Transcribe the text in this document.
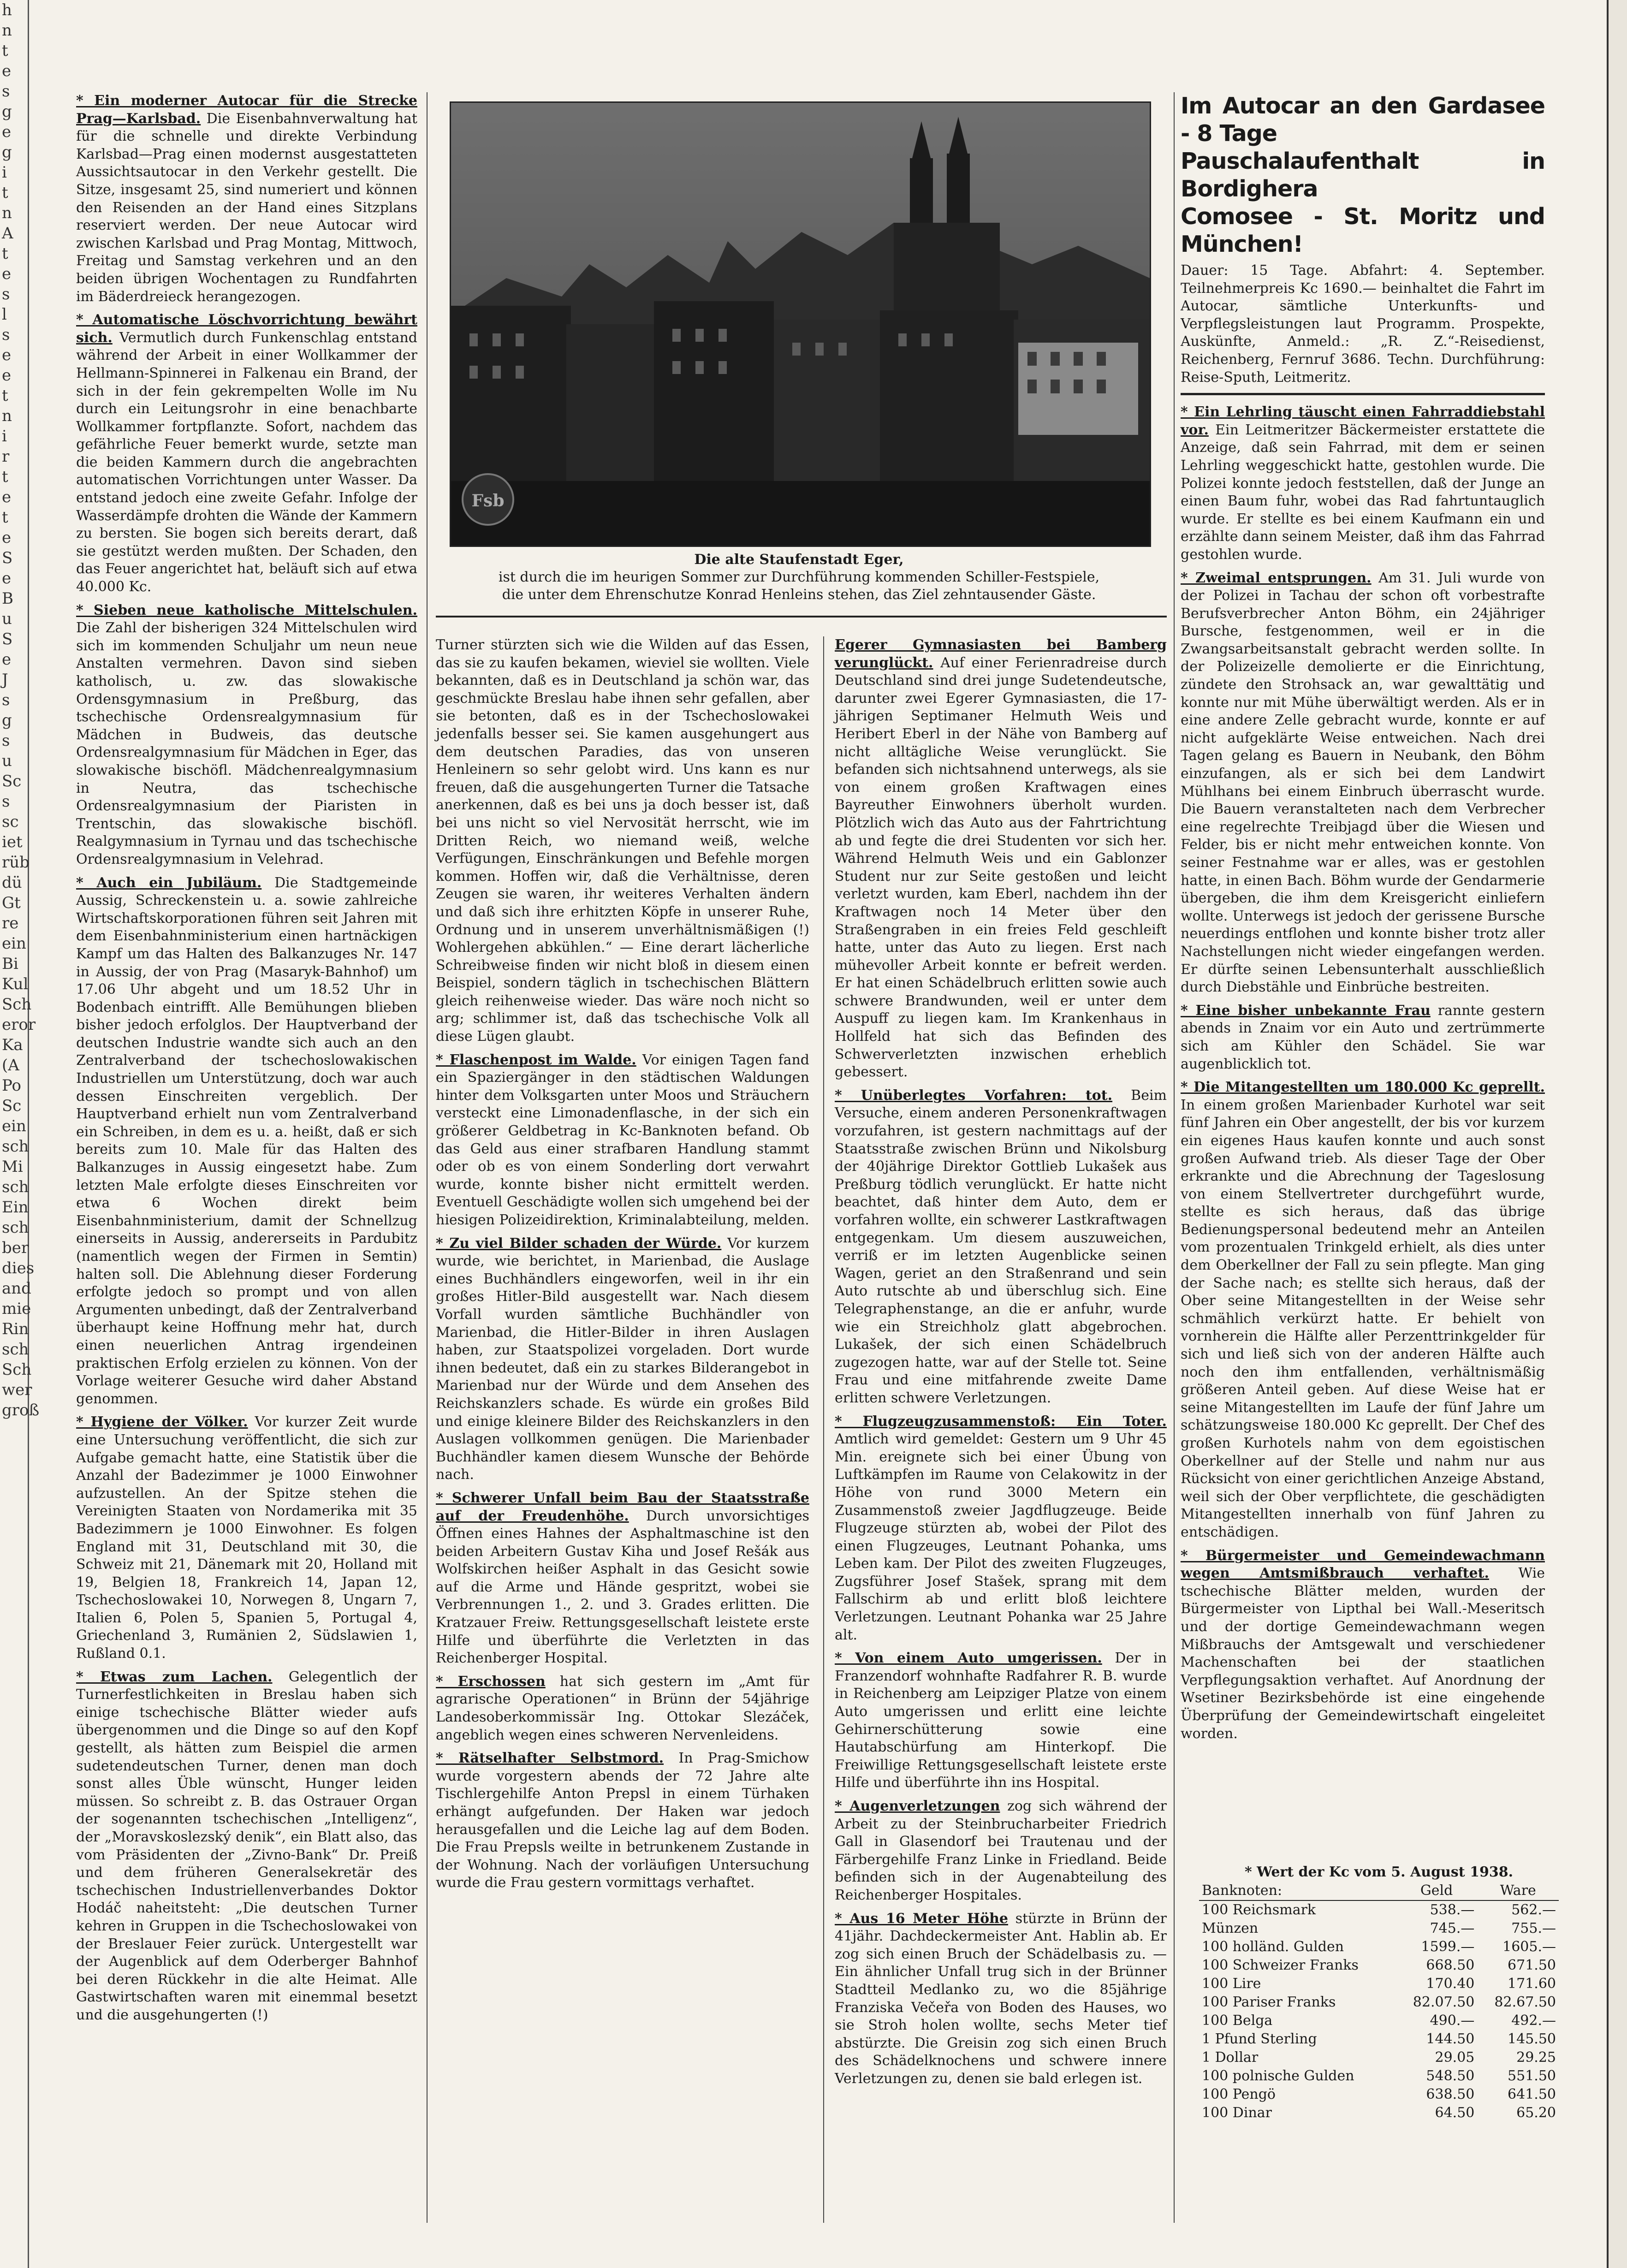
h
n
t
e
s
g
e
g
i
t
n
A
t
e
s
l
s
e
e
t
n
i
r
t
e
t
e
S
e
B
u
S
e
J
s
g
s
u
Sc
s
sc
iet
rüb
dü
Gt
re
ein
Bi
Kul
Sch
eror
Ka
(A
Po
Sc
ein
sch
Mi
sch
Ein
sch
ber
dies
and
mie
Rin
sch
Sch
wer
groß

* Ein moderner Autocar für die Strecke Prag—Karlsbad. Die Eisenbahnverwaltung hat für die schnelle und direkte Verbindung Karlsbad—Prag einen modernst ausgestatteten Aussichtsautocar in den Verkehr gestellt. Die Sitze, insgesamt 25, sind numeriert und können den Reisenden an der Hand eines Sitzplans reserviert werden. Der neue Autocar wird zwischen Karlsbad und Prag Montag, Mittwoch, Freitag und Samstag verkehren und an den beiden übrigen Wochentagen zu Rundfahrten im Bäderdreieck herangezogen.

* Automatische Löschvorrichtung bewährt sich. Vermutlich durch Funkenschlag entstand während der Arbeit in einer Wollkammer der Hellmann-Spinnerei in Falkenau ein Brand, der sich in der fein gekrempelten Wolle im Nu durch ein Leitungsrohr in eine benachbarte Wollkammer fortpflanzte. Sofort, nachdem das gefährliche Feuer bemerkt wurde, setzte man die beiden Kammern durch die angebrachten automatischen Vorrichtungen unter Wasser. Da entstand jedoch eine zweite Gefahr. Infolge der Wasserdämpfe drohten die Wände der Kammern zu bersten. Sie bogen sich bereits derart, daß sie gestützt werden mußten. Der Schaden, den das Feuer angerichtet hat, beläuft sich auf etwa 40.000 Kc.

* Sieben neue katholische Mittelschulen. Die Zahl der bisherigen 324 Mittelschulen wird sich im kommenden Schuljahr um neun neue Anstalten vermehren. Davon sind sieben katholisch, u. zw. das slowakische Ordensgymnasium in Preßburg, das tschechische Ordensrealgymnasium für Mädchen in Budweis, das deutsche Ordensrealgymnasium für Mädchen in Eger, das slowakische bischöfl. Mädchenrealgymnasium in Neutra, das tschechische Ordensrealgymnasium der Piaristen in Trentschin, das slowakische bischöfl. Realgymnasium in Tyrnau und das tschechische Ordensrealgymnasium in Velehrad.

* Auch ein Jubiläum. Die Stadtgemeinde Aussig, Schreckenstein u. a. sowie zahlreiche Wirtschaftskorporationen führen seit Jahren mit dem Eisenbahnministerium einen hartnäckigen Kampf um das Halten des Balkanzuges Nr. 147 in Aussig, der von Prag (Masaryk-Bahnhof) um 17.06 Uhr abgeht und um 18.52 Uhr in Bodenbach eintrifft. Alle Bemühungen blieben bisher jedoch erfolglos. Der Hauptverband der deutschen Industrie wandte sich auch an den Zentralverband der tschechoslowakischen Industriellen um Unterstützung, doch war auch dessen Einschreiten vergeblich. Der Hauptverband erhielt nun vom Zentralverband ein Schreiben, in dem es u. a. heißt, daß er sich bereits zum 10. Male für das Halten des Balkanzuges in Aussig eingesetzt habe. Zum letzten Male erfolgte dieses Einschreiten vor etwa 6 Wochen direkt beim Eisenbahnministerium, damit der Schnellzug einerseits in Aussig, andererseits in Pardubitz (namentlich wegen der Firmen in Semtin) halten soll. Die Ablehnung dieser Forderung erfolgte jedoch so prompt und von allen Argumenten unbedingt, daß der Zentralverband überhaupt keine Hoffnung mehr hat, durch einen neuerlichen Antrag irgendeinen praktischen Erfolg erzielen zu können. Von der Vorlage weiterer Gesuche wird daher Abstand genommen.

* Hygiene der Völker. Vor kurzer Zeit wurde eine Untersuchung veröffentlicht, die sich zur Aufgabe gemacht hatte, eine Statistik über die Anzahl der Badezimmer je 1000 Einwohner aufzustellen. An der Spitze stehen die Vereinigten Staaten von Nordamerika mit 35 Badezimmern je 1000 Einwohner. Es folgen England mit 31, Deutschland mit 30, die Schweiz mit 21, Dänemark mit 20, Holland mit 19, Belgien 18, Frankreich 14, Japan 12, Tschechoslowakei 10, Norwegen 8, Ungarn 7, Italien 6, Polen 5, Spanien 5, Portugal 4, Griechenland 3, Rumänien 2, Südslawien 1, Rußland 0.1.

* Etwas zum Lachen. Gelegentlich der Turnerfestlichkeiten in Breslau haben sich einige tschechische Blätter wieder aufs übergenommen und die Dinge so auf den Kopf gestellt, als hätten zum Beispiel die armen sudetendeutschen Turner, denen man doch sonst alles Üble wünscht, Hunger leiden müssen. So schreibt z. B. das Ostrauer Organ der sogenannten tschechischen „Intelligenz“, der „Moravskoslezský denik“, ein Blatt also, das vom Präsidenten der „Zivno-Bank“ Dr. Preiß und dem früheren Generalsekretär des tschechischen Industriellenverbandes Doktor Hodáč naheitsteht: „Die deutschen Turner kehren in Gruppen in die Tschechoslowakei von der Breslauer Feier zurück. Untergestellt war der Augenblick auf dem Oderberger Bahnhof bei deren Rückkehr in die alte Heimat. Alle Gastwirtschaften waren mit einemmal besetzt und die ausgehungerten (!)

Fsb
Die alte Staufenstadt Eger,
ist durch die im heurigen Sommer zur Durchführung kommenden Schiller-Festspiele,
die unter dem Ehrenschutze Konrad Henleins stehen, das Ziel zehntausender Gäste.

Turner stürzten sich wie die Wilden auf das Essen, das sie zu kaufen bekamen, wieviel sie wollten. Viele bekannten, daß es in Deutschland ja schön war, das geschmückte Breslau habe ihnen sehr gefallen, aber sie betonten, daß es in der Tschechoslowakei jedenfalls besser sei. Sie kamen ausgehungert aus dem deutschen Paradies, das von unseren Henleinern so sehr gelobt wird. Uns kann es nur freuen, daß die ausgehungerten Turner die Tatsache anerkennen, daß es bei uns ja doch besser ist, daß bei uns nicht so viel Nervosität herrscht, wie im Dritten Reich, wo niemand weiß, welche Verfügungen, Einschränkungen und Befehle morgen kommen. Hoffen wir, daß die Verhältnisse, deren Zeugen sie waren, ihr weiteres Verhalten ändern und daß sich ihre erhitzten Köpfe in unserer Ruhe, Ordnung und in unserem unverhältnismäßigen (!) Wohlergehen abkühlen.“ — Eine derart lächerliche Schreibweise finden wir nicht bloß in diesem einen Beispiel, sondern täglich in tschechischen Blättern gleich reihenweise wieder. Das wäre noch nicht so arg; schlimmer ist, daß das tschechische Volk all diese Lügen glaubt.

* Flaschenpost im Walde. Vor einigen Tagen fand ein Spaziergänger in den städtischen Waldungen hinter dem Volksgarten unter Moos und Sträuchern versteckt eine Limonadenflasche, in der sich ein größerer Geldbetrag in Kc-Banknoten befand. Ob das Geld aus einer strafbaren Handlung stammt oder ob es von einem Sonderling dort verwahrt wurde, konnte bisher nicht ermittelt werden. Eventuell Geschädigte wollen sich umgehend bei der hiesigen Polizeidirektion, Kriminalabteilung, melden.

* Zu viel Bilder schaden der Würde. Vor kurzem wurde, wie berichtet, in Marienbad, die Auslage eines Buchhändlers eingeworfen, weil in ihr ein großes Hitler-Bild ausgestellt war. Nach diesem Vorfall wurden sämtliche Buchhändler von Marienbad, die Hitler-Bilder in ihren Auslagen haben, zur Staatspolizei vorgeladen. Dort wurde ihnen bedeutet, daß ein zu starkes Bilderangebot in Marienbad nur der Würde und dem Ansehen des Reichskanzlers schade. Es würde ein großes Bild und einige kleinere Bilder des Reichskanzlers in den Auslagen vollkommen genügen. Die Marienbader Buchhändler kamen diesem Wunsche der Behörde nach.

* Schwerer Unfall beim Bau der Staatsstraße auf der Freudenhöhe. Durch unvorsichtiges Öffnen eines Hahnes der Asphaltmaschine ist den beiden Arbeitern Gustav Kiha und Josef Rešák aus Wolfskirchen heißer Asphalt in das Gesicht sowie auf die Arme und Hände gespritzt, wobei sie Verbrennungen 1., 2. und 3. Grades erlitten. Die Kratzauer Freiw. Rettungsgesellschaft leistete erste Hilfe und überführte die Verletzten in das Reichenberger Hospital.

* Erschossen hat sich gestern im „Amt für agrarische Operationen“ in Brünn der 54jährige Landesoberkommissär Ing. Ottokar Slezáček, angeblich wegen eines schweren Nervenleidens.

* Rätselhafter Selbstmord. In Prag-Smichow wurde vorgestern abends der 72 Jahre alte Tischlergehilfe Anton Prepsl in einem Türhaken erhängt aufgefunden. Der Haken war jedoch herausgefallen und die Leiche lag auf dem Boden. Die Frau Prepsls weilte in betrunkenem Zustande in der Wohnung. Nach der vorläufigen Untersuchung wurde die Frau gestern vormittags verhaftet.

Egerer Gymnasiasten bei Bamberg verunglückt. Auf einer Ferienradreise durch Deutschland sind drei junge Sudetendeutsche, darunter zwei Egerer Gymnasiasten, die 17-jährigen Septimaner Helmuth Weis und Heribert Eberl in der Nähe von Bamberg auf nicht alltägliche Weise verunglückt. Sie befanden sich nichtsahnend unterwegs, als sie von einem großen Kraftwagen eines Bayreuther Einwohners überholt wurden. Plötzlich wich das Auto aus der Fahrtrichtung ab und fegte die drei Studenten vor sich her. Während Helmuth Weis und ein Gablonzer Student nur zur Seite gestoßen und leicht verletzt wurden, kam Eberl, nachdem ihn der Kraftwagen noch 14 Meter über den Straßengraben in ein freies Feld geschleift hatte, unter das Auto zu liegen. Erst nach mühevoller Arbeit konnte er befreit werden. Er hat einen Schädelbruch erlitten sowie auch schwere Brandwunden, weil er unter dem Auspuff zu liegen kam. Im Krankenhaus in Hollfeld hat sich das Befinden des Schwerverletzten inzwischen erheblich gebessert.

* Unüberlegtes Vorfahren: tot. Beim Versuche, einem anderen Personenkraftwagen vorzufahren, ist gestern nachmittags auf der Staatsstraße zwischen Brünn und Nikolsburg der 40jährige Direktor Gottlieb Lukašek aus Preßburg tödlich verunglückt. Er hatte nicht beachtet, daß hinter dem Auto, dem er vorfahren wollte, ein schwerer Lastkraftwagen entgegenkam. Um diesem auszuweichen, verriß er im letzten Augenblicke seinen Wagen, geriet an den Straßenrand und sein Auto rutschte ab und überschlug sich. Eine Telegraphenstange, an die er anfuhr, wurde wie ein Streichholz glatt abgebrochen. Lukašek, der sich einen Schädelbruch zugezogen hatte, war auf der Stelle tot. Seine Frau und eine mitfahrende zweite Dame erlitten schwere Verletzungen.

* Flugzeugzusammenstoß: Ein Toter. Amtlich wird gemeldet: Gestern um 9 Uhr 45 Min. ereignete sich bei einer Übung von Luftkämpfen im Raume von Celakowitz in der Höhe von rund 3000 Metern ein Zusammenstoß zweier Jagdflugzeuge. Beide Flugzeuge stürzten ab, wobei der Pilot des einen Flugzeuges, Leutnant Pohanka, ums Leben kam. Der Pilot des zweiten Flugzeuges, Zugsführer Josef Stašek, sprang mit dem Fallschirm ab und erlitt bloß leichtere Verletzungen. Leutnant Pohanka war 25 Jahre alt.

* Von einem Auto umgerissen. Der in Franzendorf wohnhafte Radfahrer R. B. wurde in Reichenberg am Leipziger Platze von einem Auto umgerissen und erlitt eine leichte Gehirnerschütterung sowie eine Hautabschürfung am Hinterkopf. Die Freiwillige Rettungsgesellschaft leistete erste Hilfe und überführte ihn ins Hospital.

* Augenverletzungen zog sich während der Arbeit zu der Steinbrucharbeiter Friedrich Gall in Glasendorf bei Trautenau und der Färbergehilfe Franz Linke in Friedland. Beide befinden sich in der Augenabteilung des Reichenberger Hospitales.

* Aus 16 Meter Höhe stürzte in Brünn der 41jähr. Dachdeckermeister Ant. Hablin ab. Er zog sich einen Bruch der Schädelbasis zu. — Ein ähnlicher Unfall trug sich in der Brünner Stadtteil Medlanko zu, wo die 85jährige Franziska Večeřa von Boden des Hauses, wo sie Stroh holen wollte, sechs Meter tief abstürzte. Die Greisin zog sich einen Bruch des Schädelknochens und schwere innere Verletzungen zu, denen sie bald erlegen ist.

Im Autocar an den Gardasee - 8 Tage
Pauschalaufenthalt in Bordighera
Comosee - St. Moritz und München!

Dauer: 15 Tage. Abfahrt: 4. September. Teilnehmerpreis Kc 1690.— beinhaltet die Fahrt im Autocar, sämtliche Unterkunfts- und Verpflegsleistungen laut Programm. Prospekte, Auskünfte, Anmeld.: „R. Z.“-Reisedienst, Reichenberg, Fernruf 3686. Techn. Durchführung: Reise-Sputh, Leitmeritz.

* Ein Lehrling täuscht einen Fahrraddiebstahl vor. Ein Leitmeritzer Bäckermeister erstattete die Anzeige, daß sein Fahrrad, mit dem er seinen Lehrling weggeschickt hatte, gestohlen wurde. Die Polizei konnte jedoch feststellen, daß der Junge an einen Baum fuhr, wobei das Rad fahrtuntauglich wurde. Er stellte es bei einem Kaufmann ein und erzählte dann seinem Meister, daß ihm das Fahrrad gestohlen wurde.

* Zweimal entsprungen. Am 31. Juli wurde von der Polizei in Tachau der schon oft vorbestrafte Berufsverbrecher Anton Böhm, ein 24jähriger Bursche, festgenommen, weil er in die Zwangsarbeitsanstalt gebracht werden sollte. In der Polizeizelle demolierte er die Einrichtung, zündete den Strohsack an, war gewalttätig und konnte nur mit Mühe überwältigt werden. Als er in eine andere Zelle gebracht wurde, konnte er auf nicht aufgeklärte Weise entweichen. Nach drei Tagen gelang es Bauern in Neubank, den Böhm einzufangen, als er sich bei dem Landwirt Mühlhans bei einem Einbruch überrascht wurde. Die Bauern veranstalteten nach dem Verbrecher eine regelrechte Treibjagd über die Wiesen und Felder, bis er nicht mehr entweichen konnte. Von seiner Festnahme war er alles, was er gestohlen hatte, in einen Bach. Böhm wurde der Gendarmerie übergeben, die ihm dem Kreisgericht einliefern wollte. Unterwegs ist jedoch der gerissene Bursche neuerdings entflohen und konnte bisher trotz aller Nachstellungen nicht wieder eingefangen werden. Er dürfte seinen Lebensunterhalt ausschließlich durch Diebstähle und Einbrüche bestreiten.

* Eine bisher unbekannte Frau rannte gestern abends in Znaim vor ein Auto und zertrümmerte sich am Kühler den Schädel. Sie war augenblicklich tot.

* Die Mitangestellten um 180.000 Kc geprellt. In einem großen Marienbader Kurhotel war seit fünf Jahren ein Ober angestellt, der bis vor kurzem ein eigenes Haus kaufen konnte und auch sonst großen Aufwand trieb. Als dieser Tage der Ober erkrankte und die Abrechnung der Tageslosung von einem Stellvertreter durchgeführt wurde, stellte es sich heraus, daß das übrige Bedienungspersonal bedeutend mehr an Anteilen vom prozentualen Trinkgeld erhielt, als dies unter dem Oberkellner der Fall zu sein pflegte. Man ging der Sache nach; es stellte sich heraus, daß der Ober seine Mitangestellten in der Weise sehr schmählich verkürzt hatte. Er behielt von vornherein die Hälfte aller Perzenttrinkgelder für sich und ließ sich von der anderen Hälfte auch noch den ihm entfallenden, verhältnismäßig größeren Anteil geben. Auf diese Weise hat er seine Mitangestellten im Laufe der fünf Jahre um schätzungsweise 180.000 Kc geprellt. Der Chef des großen Kurhotels nahm von dem egoistischen Oberkellner auf der Stelle und nahm nur aus Rücksicht von einer gerichtlichen Anzeige Abstand, weil sich der Ober verpflichtete, die geschädigten Mitangestellten innerhalb von fünf Jahren zu entschädigen.

* Bürgermeister und Gemeindewachmann wegen Amtsmißbrauch verhaftet. Wie tschechische Blätter melden, wurden der Bürgermeister von Lipthal bei Wall.-Meseritsch und der dortige Gemeindewachmann wegen Mißbrauchs der Amtsgewalt und verschiedener Machenschaften bei der staatlichen Verpflegungsaktion verhaftet. Auf Anordnung der Wsetiner Bezirksbehörde ist eine eingehende Überprüfung der Gemeindewirtschaft eingeleitet worden.

* Wert der Kc vom 5. August 1938.
Banknoten:	Geld	Ware
100 Reichsmark	538.—	562.—
Münzen	745.—	755.—
100 holländ. Gulden	1599.—	1605.—
100 Schweizer Franks	668.50	671.50
100 Lire	170.40	171.60
100 Pariser Franks	82.07.50	82.67.50
100 Belga	490.—	492.—
1 Pfund Sterling	144.50	145.50
1 Dollar	29.05	29.25
100 polnische Gulden	548.50	551.50
100 Pengö	638.50	641.50
100 Dinar	64.50	65.20
